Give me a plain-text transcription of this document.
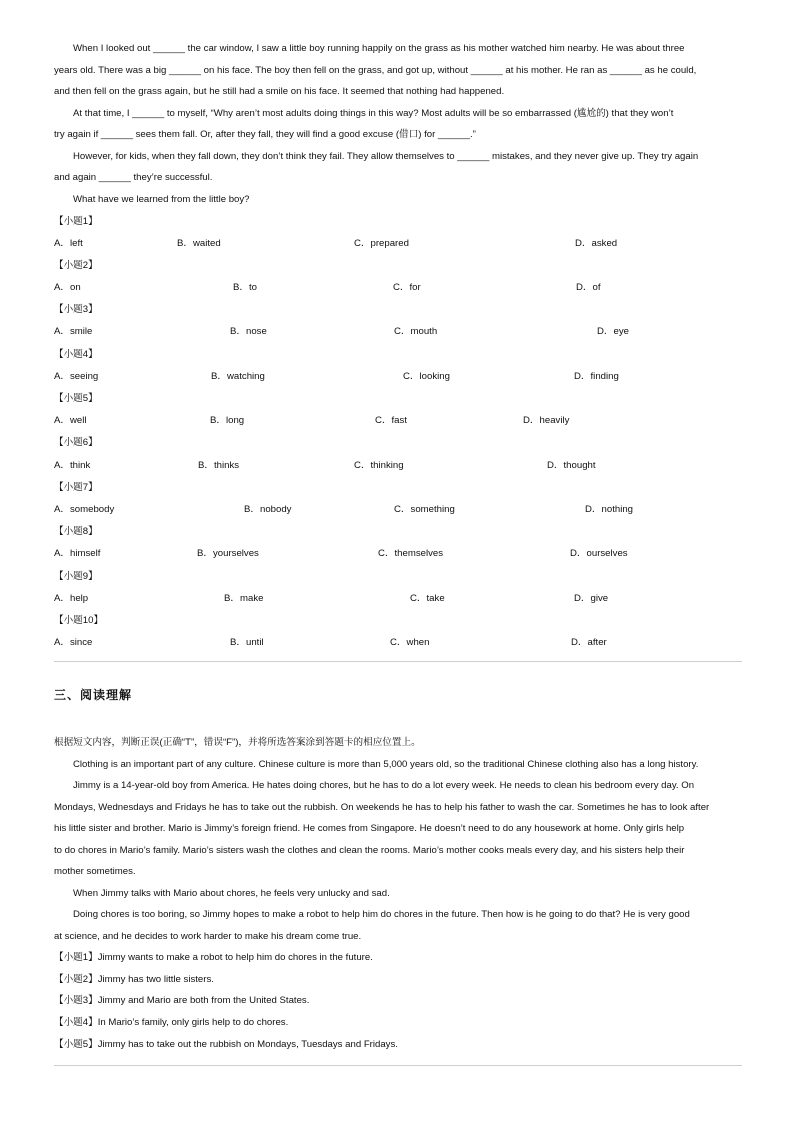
When I looked out ______ the car window, I saw a little boy running happily on the grass as his mother watched him nearby. He was about three
years old. There was a big ______ on his face. The boy then fell on the grass, and got up, without ______ at his mother. He ran as ______ as he could,
and then fell on the grass again, but he still had a smile on his face. It seemed that nothing had happened.
At that time, I ______ to myself, “Why aren’t most adults doing things in this way? Most adults will be so embarrassed (尴尬的) that they won’t
try again if ______ sees them fall. Or, after they fall, they will find a good excuse (借口) for ______.”
However, for kids, when they fall down, they don’t think they fail. They allow themselves to ______ mistakes, and they never give up. They try again
and again ______ they’re successful.
What have we learned from the little boy?
【小题1】
A．left	B．waited	C．prepared	D．asked
【小题2】
A．on	B．to	C．for	D．of
【小题3】
A．smile	B．nose	C．mouth	D．eye
【小题4】
A．seeing	B．watching	C．looking	D．finding
【小题5】
A．well	B．long	C．fast	D．heavily
【小题6】
A．think	B．thinks	C．thinking	D．thought
【小题7】
A．somebody	B．nobody	C．something	D．nothing
【小题8】
A．himself	B．yourselves	C．themselves	D．ourselves
【小题9】
A．help	B．make	C．take	D．give
【小题10】
A．since	B．until	C．when	D．after
三、阅读理解
根据短文内容，判断正误(正确“T”，错误“F”)，并将所选答案涂到答题卡的相应位置上。
Clothing is an important part of any culture. Chinese culture is more than 5,000 years old, so the traditional Chinese clothing also has a long history.
Jimmy is a 14-year-old boy from America. He hates doing chores, but he has to do a lot every week. He needs to clean his bedroom every day. On
Mondays, Wednesdays and Fridays he has to take out the rubbish. On weekends he has to help his father to wash the car. Sometimes he has to look after
his little sister and brother. Mario is Jimmy’s foreign friend. He comes from Singapore. He doesn’t need to do any housework at home. Only girls help
to do chores in Mario’s family. Mario’s sisters wash the clothes and clean the rooms. Mario’s mother cooks meals every day, and his sisters help their
mother sometimes.
When Jimmy talks with Mario about chores, he feels very unlucky and sad.
Doing chores is too boring, so Jimmy hopes to make a robot to help him do chores in the future. Then how is he going to do that? He is very good
at science, and he decides to work harder to make his dream come true.
【小题1】Jimmy wants to make a robot to help him do chores in the future.
【小题2】Jimmy has two little sisters.
【小题3】Jimmy and Mario are both from the United States.
【小题4】In Mario’s family, only girls help to do chores.
【小题5】Jimmy has to take out the rubbish on Mondays, Tuesdays and Fridays.
